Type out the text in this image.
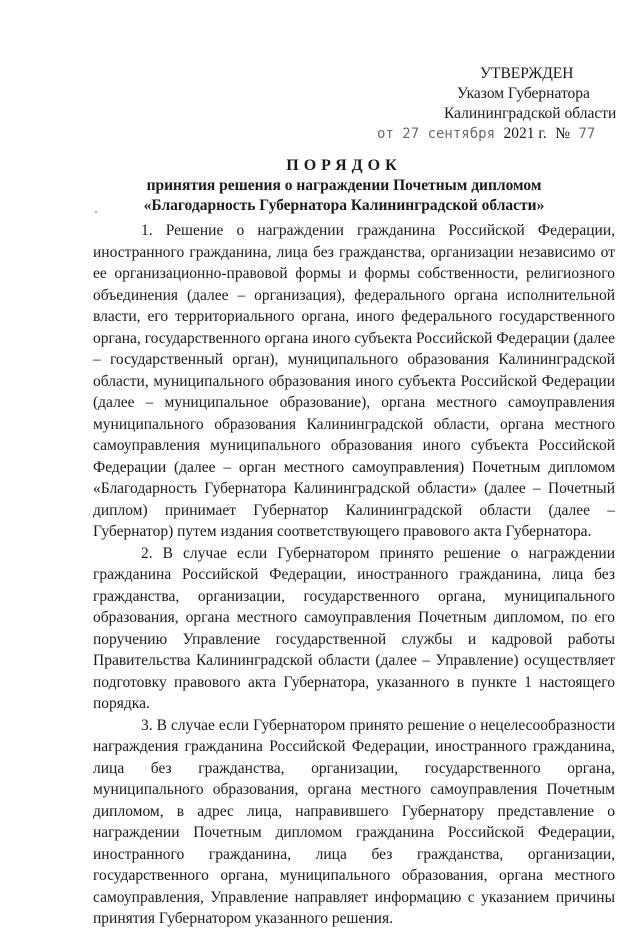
УТВЕРЖДЕН
Указом Губернатора
Калининградской области
от 27 сентября 2021 г. № 77
ПОРЯДОК
принятия решения о награждении Почетным дипломом
«Благодарность Губернатора Калининградской области»

1. Решение о награждении гражданина Российской Федерации, иностранного гражданина, лица без гражданства, организации независимо от ее организационно-правовой формы и формы собственности, религиозного объединения (далее – организация), федерального органа исполнительной власти, его территориального органа, иного федерального государственного органа, государственного органа иного субъекта Российской Федерации (далее – государственный орган), муниципального образования Калининградской области, муниципального образования иного субъекта Российской Федерации (далее – муниципальное образование), органа местного самоуправления муниципального образования Калининградской области, органа местного самоуправления муниципального образования иного субъекта Российской Федерации (далее – орган местного самоуправления) Почетным дипломом «Благодарность Губернатора Калининградской области» (далее – Почетный диплом) принимает Губернатор Калининградской области (далее – Губернатор) путем издания соответствующего правового акта Губернатора.

2. В случае если Губернатором принято решение о награждении гражданина Российской Федерации, иностранного гражданина, лица без гражданства, организации, государственного органа, муниципального образования, органа местного самоуправления Почетным дипломом, по его поручению Управление государственной службы и кадровой работы Правительства Калининградской области (далее – Управление) осуществляет подготовку правового акта Губернатора, указанного в пункте 1 настоящего порядка.

3. В случае если Губернатором принято решение о нецелесообразности награждения гражданина Российской Федерации, иностранного гражданина, лица без гражданства, организации, государственного органа, муниципального образования, органа местного самоуправления Почетным дипломом, в адрес лица, направившего Губернатору представление о награждении Почетным дипломом гражданина Российской Федерации, иностранного гражданина, лица без гражданства, организации, государственного органа, муниципального образования, органа местного самоуправления, Управление направляет информацию с указанием причины принятия Губернатором указанного решения.
